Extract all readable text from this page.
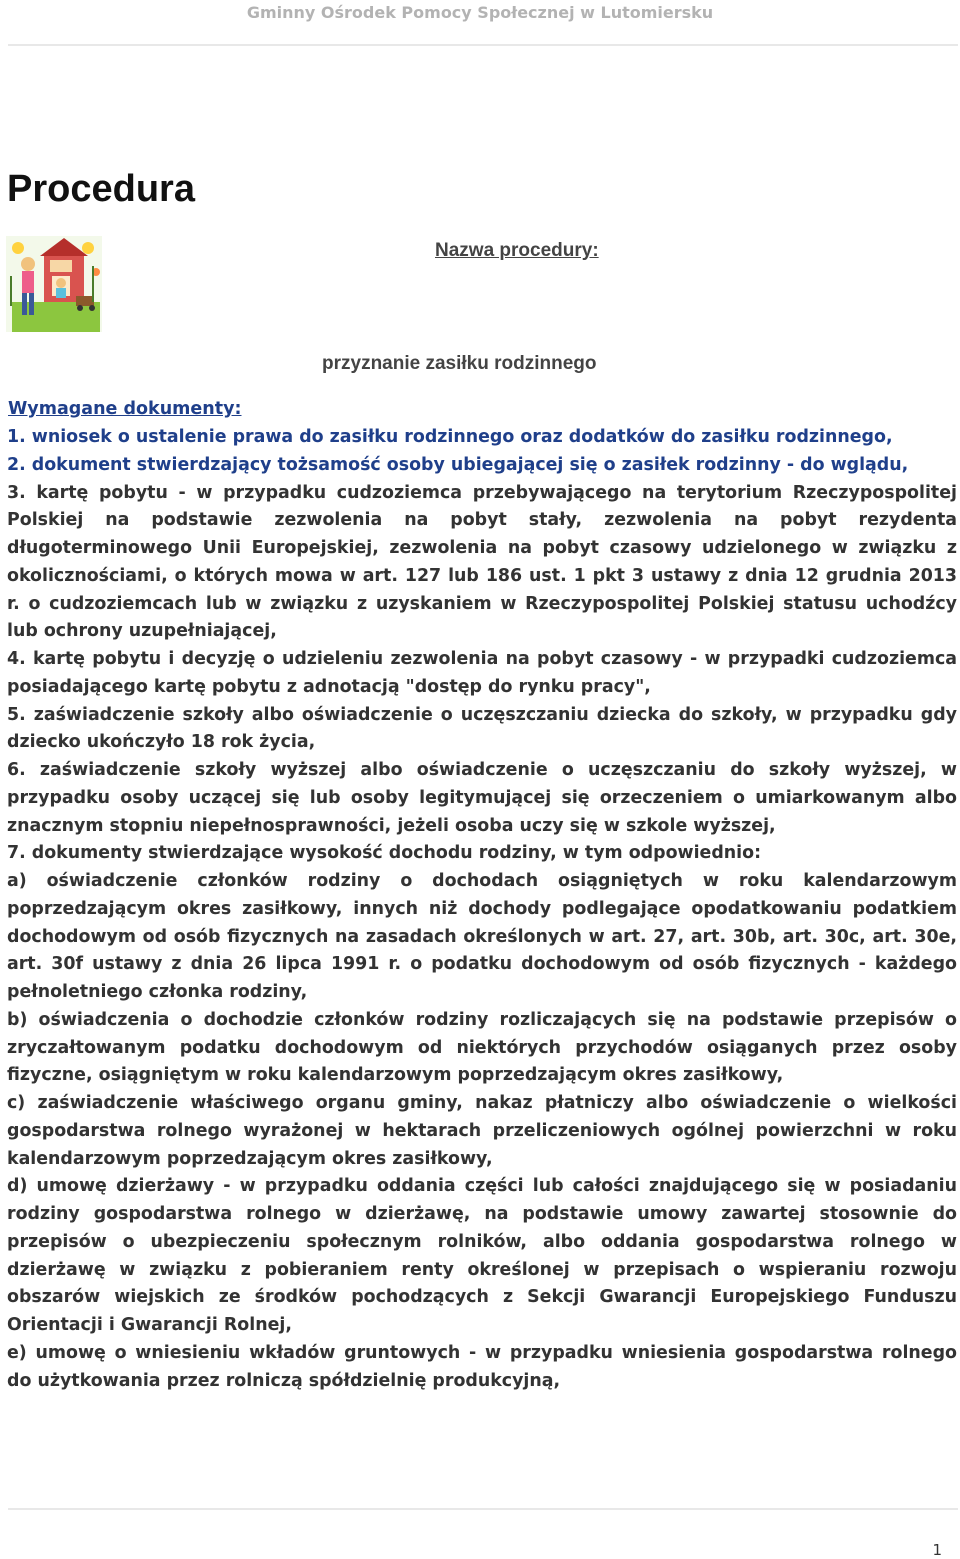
Gminny Ośrodek Pomocy Społecznej w Lutomiersku
Procedura
Nazwa procedury:
przyznanie zasiłku rodzinnego
Wymagane dokumenty:

1. wniosek o ustalenie prawa do zasiłku rodzinnego oraz dodatków do zasiłku rodzinnego,

2. dokument stwierdzający tożsamość osoby ubiegającej się o zasiłek rodzinny - do wglądu,

3. kartę pobytu - w przypadku cudzoziemca przebywającego na terytorium Rzeczypospolitej Polskiej na podstawie zezwolenia na pobyt stały, zezwolenia na pobyt rezydenta długoterminowego Unii Europejskiej, zezwolenia na pobyt czasowy udzielonego w związku z okolicznościami, o których mowa w art. 127 lub 186 ust. 1 pkt 3 ustawy z dnia 12 grudnia 2013 r. o cudzoziemcach lub w związku z uzyskaniem w Rzeczypospolitej Polskiej statusu uchodźcy lub ochrony uzupełniającej,

4. kartę pobytu i decyzję o udzieleniu zezwolenia na pobyt czasowy - w przypadki cudzoziemca posiadającego kartę pobytu z adnotacją "dostęp do rynku pracy",

5. zaświadczenie szkoły albo oświadczenie o uczęszczaniu dziecka do szkoły, w przypadku gdy dziecko ukończyło 18 rok życia,

6. zaświadczenie szkoły wyższej albo oświadczenie o uczęszczaniu do szkoły wyższej, w przypadku osoby uczącej się lub osoby legitymującej się orzeczeniem o umiarkowanym albo znacznym stopniu niepełnosprawności, jeżeli osoba uczy się w szkole wyższej,

7. dokumenty stwierdzające wysokość dochodu rodziny, w tym odpowiednio:

a) oświadczenie członków rodziny o dochodach osiągniętych w roku kalendarzowym poprzedzającym okres zasiłkowy, innych niż dochody podlegające opodatkowaniu podatkiem dochodowym od osób fizycznych na zasadach określonych w art. 27, art. 30b, art. 30c, art. 30e, art. 30f ustawy z dnia 26 lipca 1991 r. o podatku dochodowym od osób fizycznych - każdego pełnoletniego członka rodziny,

b) oświadczenia o dochodzie członków rodziny rozliczających się na podstawie przepisów o zryczałtowanym podatku dochodowym od niektórych przychodów osiąganych przez osoby fizyczne, osiągniętym w roku kalendarzowym poprzedzającym okres zasiłkowy,

c) zaświadczenie właściwego organu gminy, nakaz płatniczy albo oświadczenie o wielkości gospodarstwa rolnego wyrażonej w hektarach przeliczeniowych ogólnej powierzchni w roku kalendarzowym poprzedzającym okres zasiłkowy,

d) umowę dzierżawy - w przypadku oddania części lub całości znajdującego się w posiadaniu rodziny gospodarstwa rolnego w dzierżawę, na podstawie umowy zawartej stosownie do przepisów o ubezpieczeniu społecznym rolników, albo oddania gospodarstwa rolnego w dzierżawę w związku z pobieraniem renty określonej w przepisach o wspieraniu rozwoju obszarów wiejskich ze środków pochodzących z Sekcji Gwarancji Europejskiego Funduszu Orientacji i Gwarancji Rolnej,

e) umowę o wniesieniu wkładów gruntowych - w przypadku wniesienia gospodarstwa rolnego do użytkowania przez rolniczą spółdzielnię produkcyjną,

1
